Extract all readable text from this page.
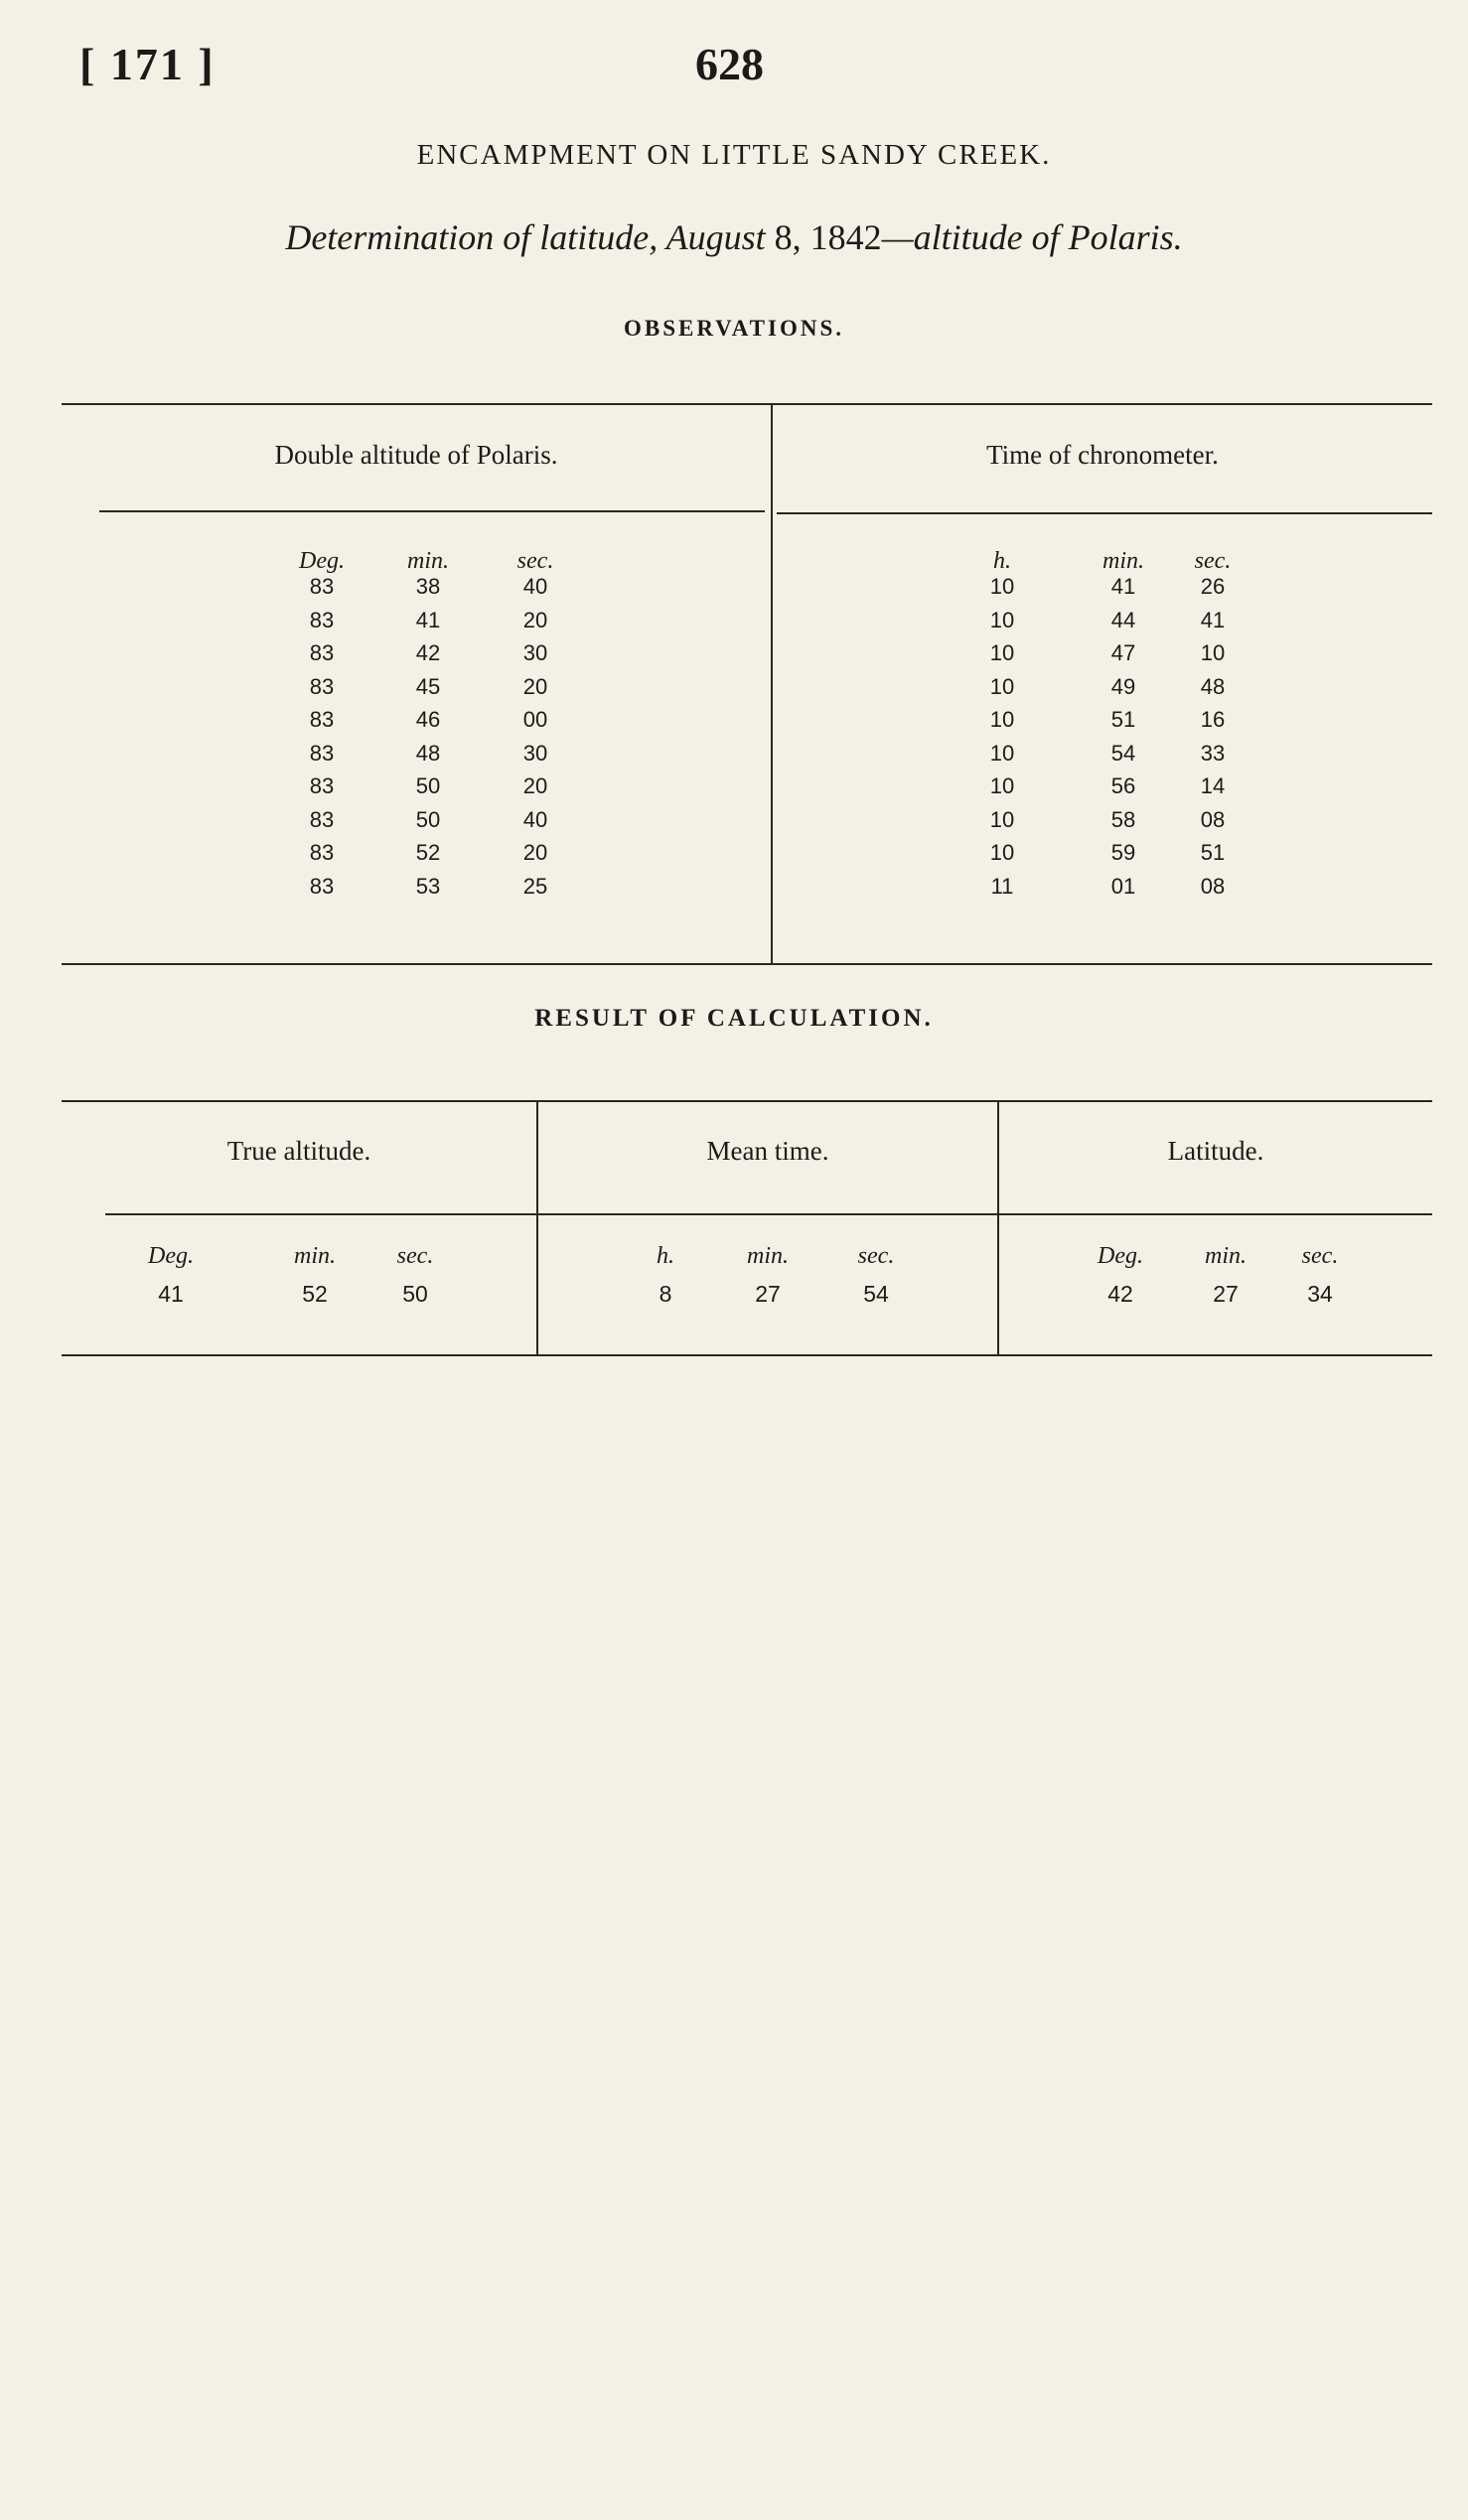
[ 171 ]	628
ENCAMPMENT ON LITTLE SANDY CREEK.
Determination of latitude, August 8, 1842—altitude of Polaris.
OBSERVATIONS.
Double altitude of Polaris.	Time of chronometer.
Deg.	min.	sec.	h.	min.	sec.
83	38	40	10	41	26
83	41	20	10	44	41
83	42	30	10	47	10
83	45	20	10	49	48
83	46	00	10	51	16
83	48	30	10	54	33
83	50	20	10	56	14
83	50	40	10	58	08
83	52	20	10	59	51
83	53	25	11	01	08
RESULT OF CALCULATION.
True altitude.	Mean time.	Latitude.
Deg.	min.	sec.	h.	min.	sec.	Deg.	min.	sec.
41	52	50	8	27	54	42	27	34
